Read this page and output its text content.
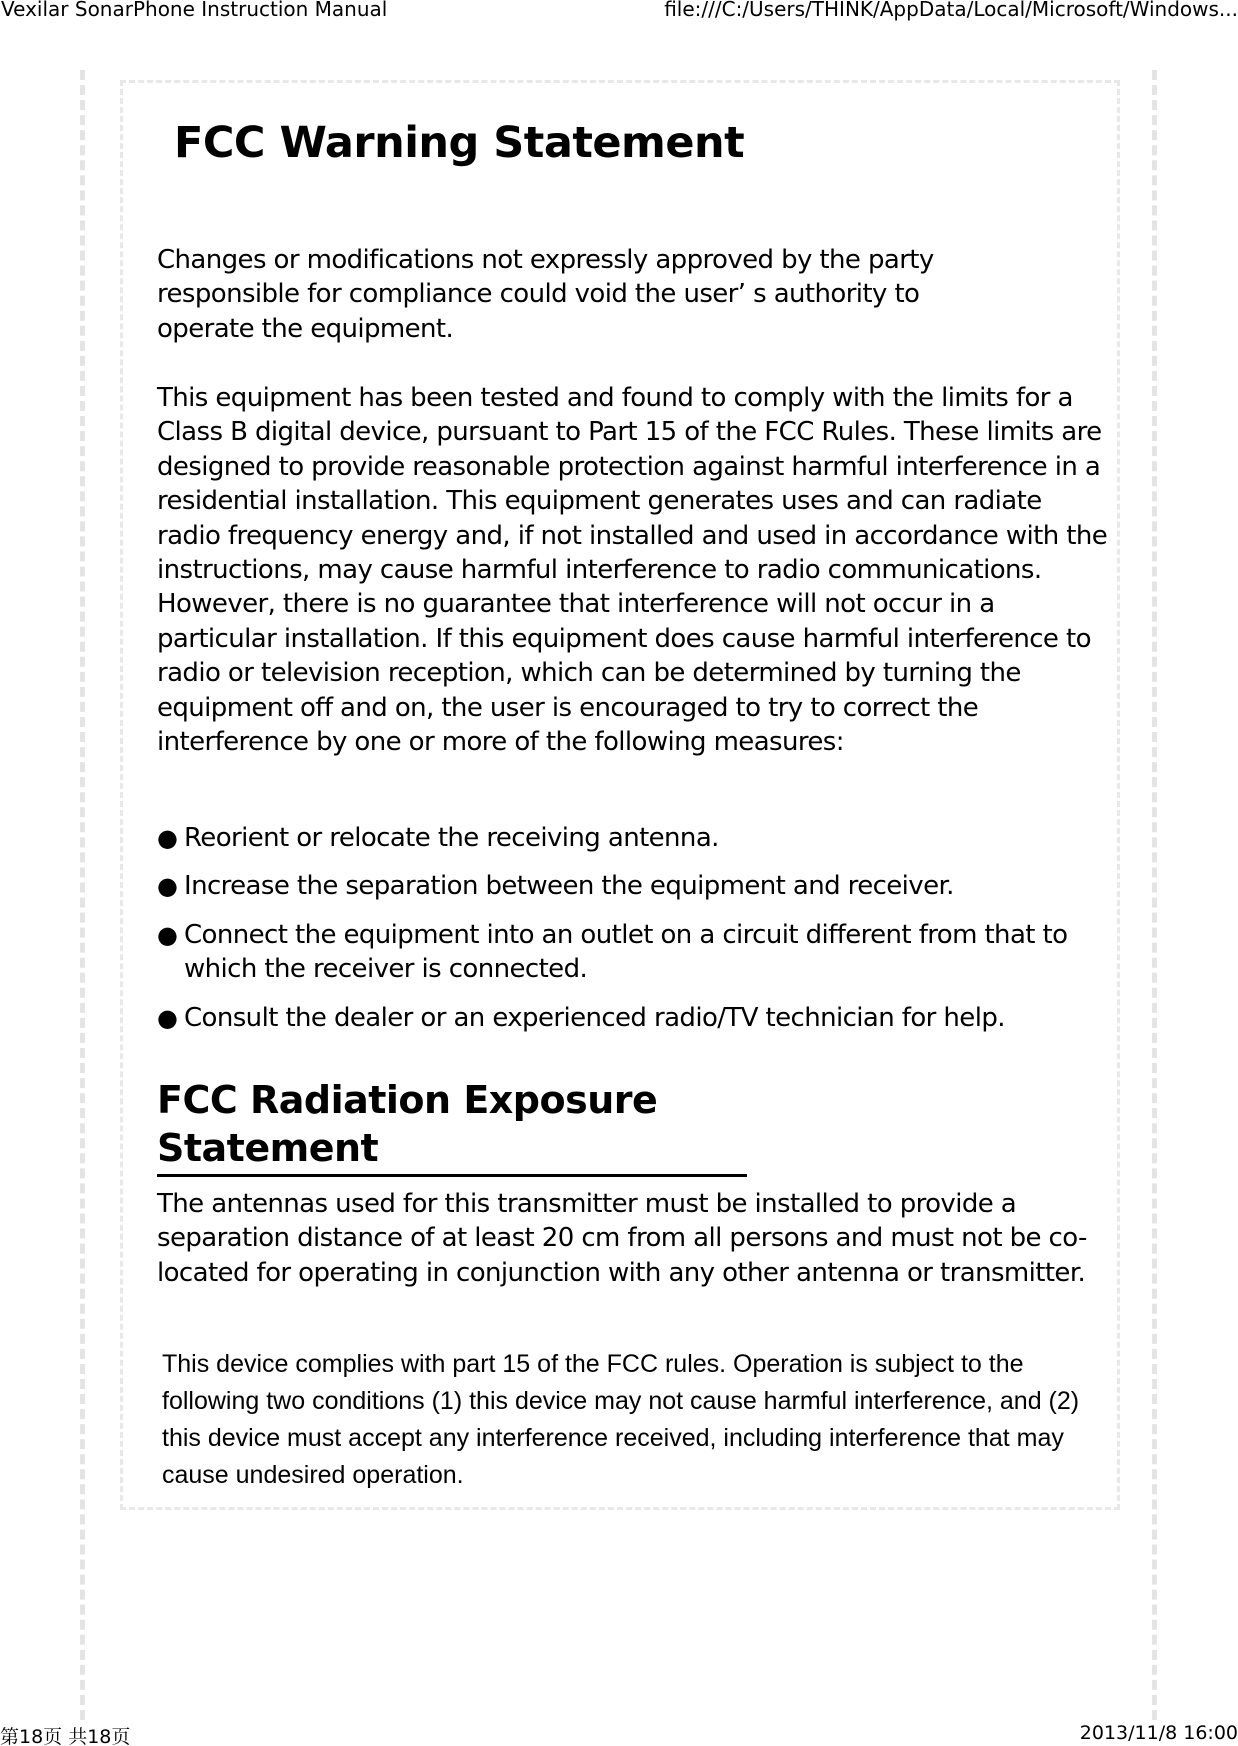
Vexilar SonarPhone Instruction Manual	file:///C:/Users/THINK/AppData/Local/Microsoft/Windows...
FCC Warning Statement

Changes or modifications not expressly approved by the party responsible for compliance could void the user’ s authority to operate the equipment.

This equipment has been tested and found to comply with the limits for a Class B digital device, pursuant to Part 15 of the FCC Rules. These limits are designed to provide reasonable protection against harmful interference in a residential installation. This equipment generates uses and can radiate radio frequency energy and, if not installed and used in accordance with the instructions, may cause harmful interference to radio communications. However, there is no guarantee that interference will not occur in a particular installation. If this equipment does cause harmful interference to radio or television reception, which can be determined by turning the equipment off and on, the user is encouraged to try to correct the interference by one or more of the following measures:

● Reorient or relocate the receiving antenna.
● Increase the separation between the equipment and receiver.
● Connect the equipment into an outlet on a circuit different from that to which the receiver is connected.
● Consult the dealer or an experienced radio/TV technician for help.
FCC Radiation Exposure Statement

The antennas used for this transmitter must be installed to provide a separation distance of at least 20 cm from all persons and must not be co-located for operating in conjunction with any other antenna or transmitter.

This device complies with part 15 of the FCC rules. Operation is subject to the following two conditions (1) this device may not cause harmful interference, and (2) this device must accept any interference received, including interference that may cause undesired operation.

第18页 共18页	2013/11/8 16:00
